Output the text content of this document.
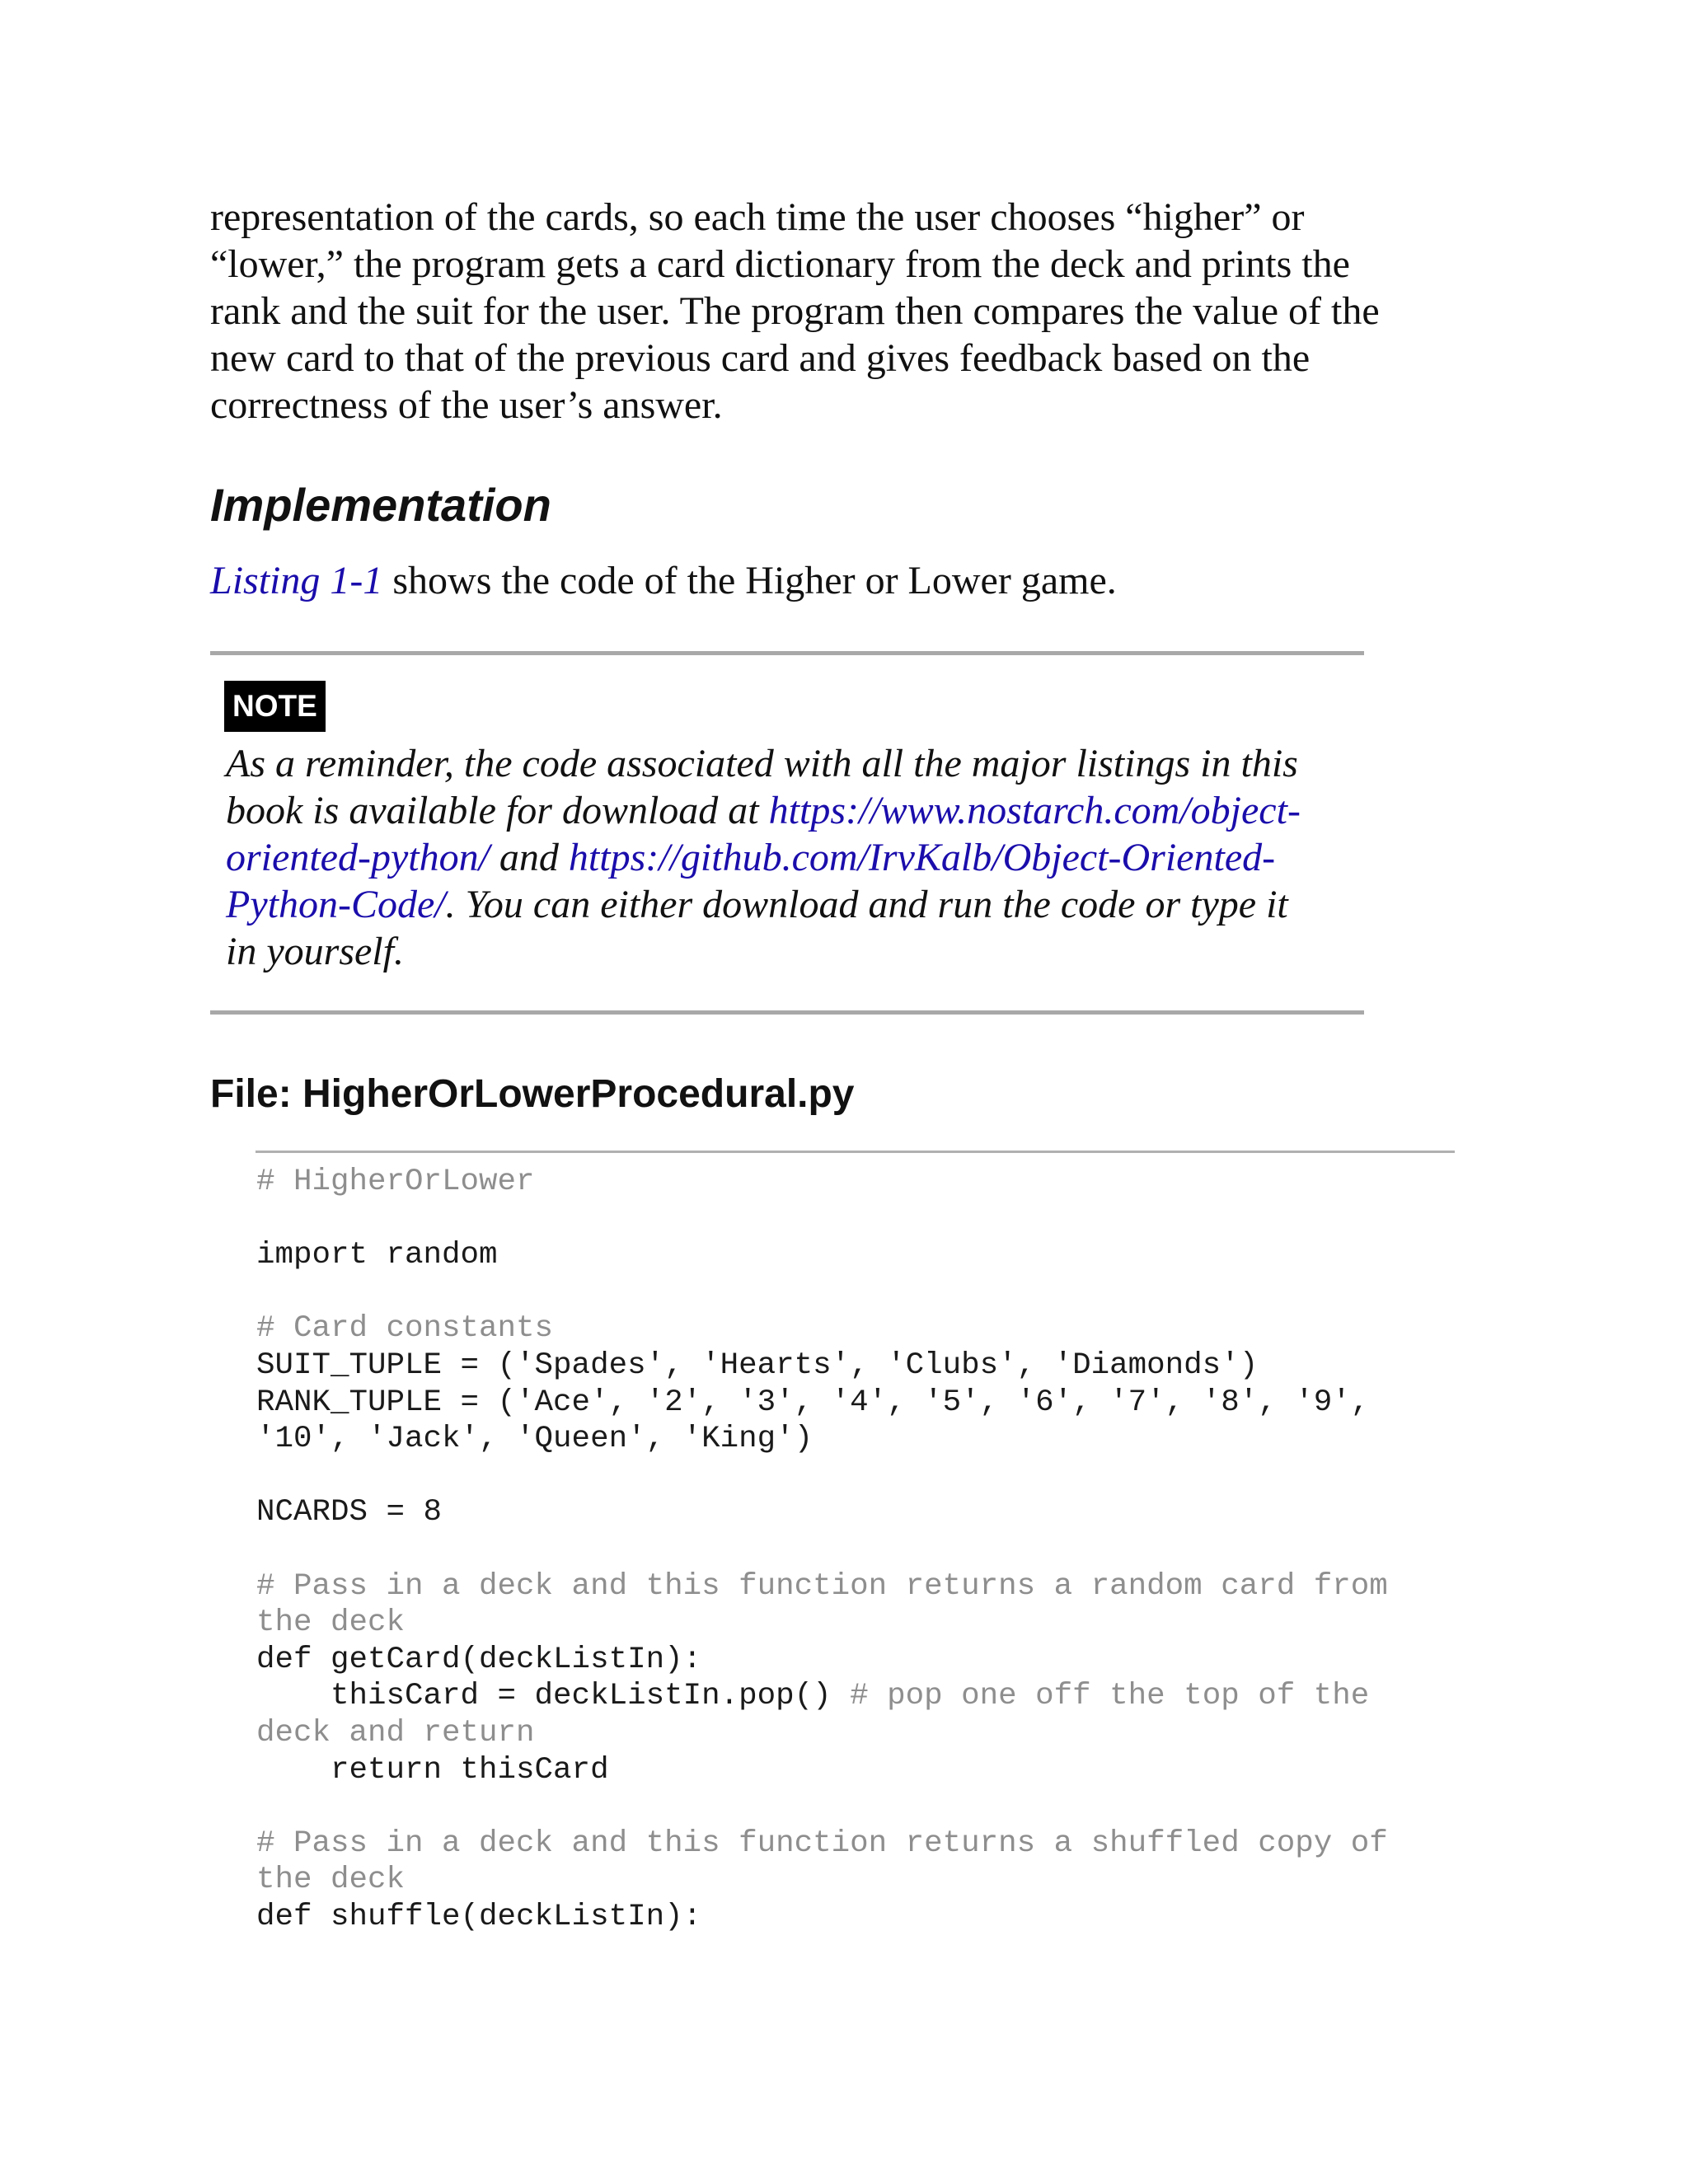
representation of the cards, so each time the user chooses “higher” or
“lower,” the program gets a card dictionary from the deck and prints the
rank and the suit for the user. The program then compares the value of the
new card to that of the previous card and gives feedback based on the
correctness of the user’s answer.
Implementation
Listing 1-1 shows the code of the Higher or Lower game.
NOTE
As a reminder, the code associated with all the major listings in this
book is available for download at https://www.nostarch.com/object-
oriented-python/ and https://github.com/IrvKalb/Object-Oriented-
Python-Code/. You can either download and run the code or type it
in yourself.
File: HigherOrLowerProcedural.py
# HigherOrLower
import random
# Card constants
SUIT_TUPLE = ('Spades', 'Hearts', 'Clubs', 'Diamonds')
RANK_TUPLE = ('Ace', '2', '3', '4', '5', '6', '7', '8', '9',
'10', 'Jack', 'Queen', 'King')
NCARDS = 8
# Pass in a deck and this function returns a random card from
the deck
def getCard(deckListIn):
thisCard = deckListIn.pop() # pop one off the top of the
deck and return
return thisCard
# Pass in a deck and this function returns a shuffled copy of
the deck
def shuffle(deckListIn):
